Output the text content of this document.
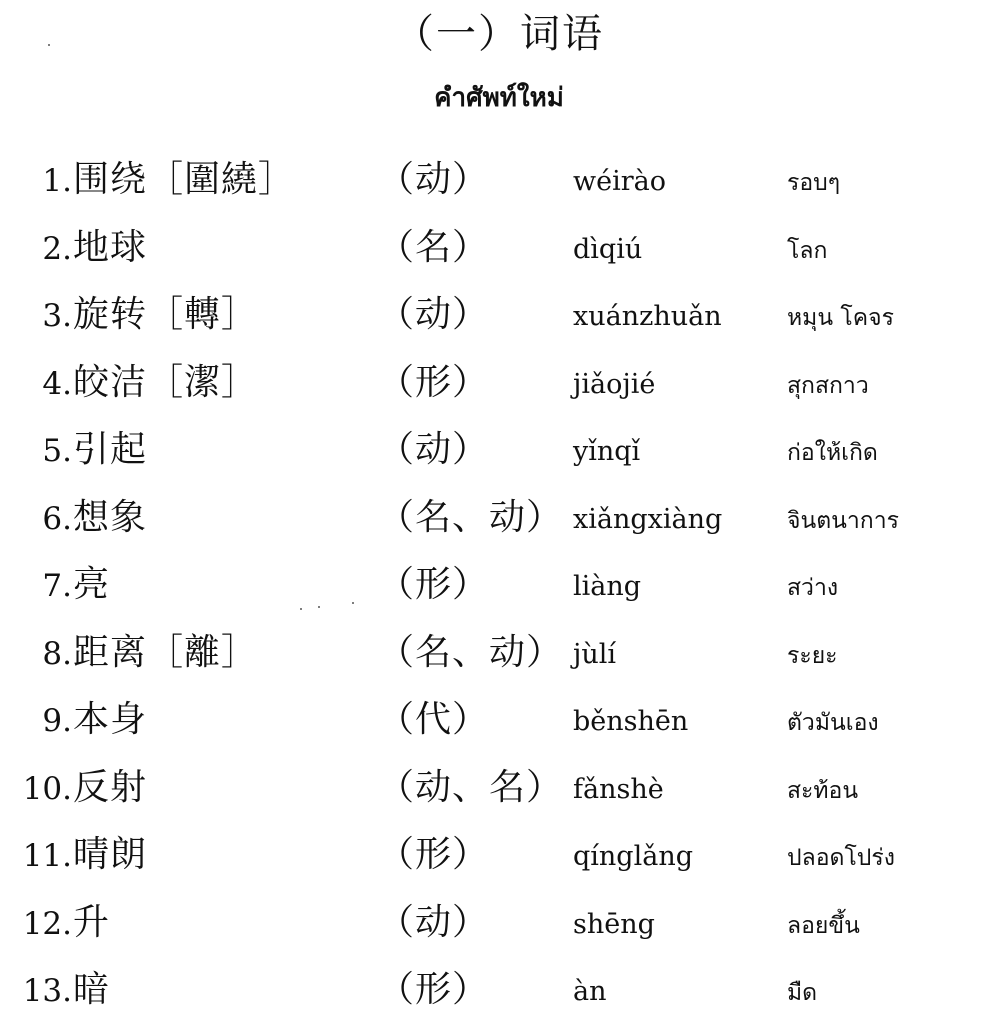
（一）词语
คำศัพท์ใหม่
1. 围绕［圍繞］ （动）	wéirào	รอบๆ
2. 地球	（名）	dìqiú	โลก
3. 旋转［轉］	（动）	xuánzhuǎn	หมุน โคจร
4. 皎洁［潔］	（形）	jiǎojié	สุกสกาว
5. 引起	（动）	yǐnqǐ	ก่อให้เกิด
6. 想象	（名、动） xiǎngxiàng	จินตนาการ
7. 亮	（形）	liàng	สว่าง
8. 距离［離］	（名、动） jùlí	ระยะ
9. 本身	（代）	běnshēn	ตัวมันเอง
10. 反射	（动、名） fǎnshè	สะท้อน
11. 晴朗	（形）	qínglǎng	ปลอดโปร่ง
12. 升	（动）	shēng	ลอยขึ้น
13. 暗	（形）	àn	มืด
